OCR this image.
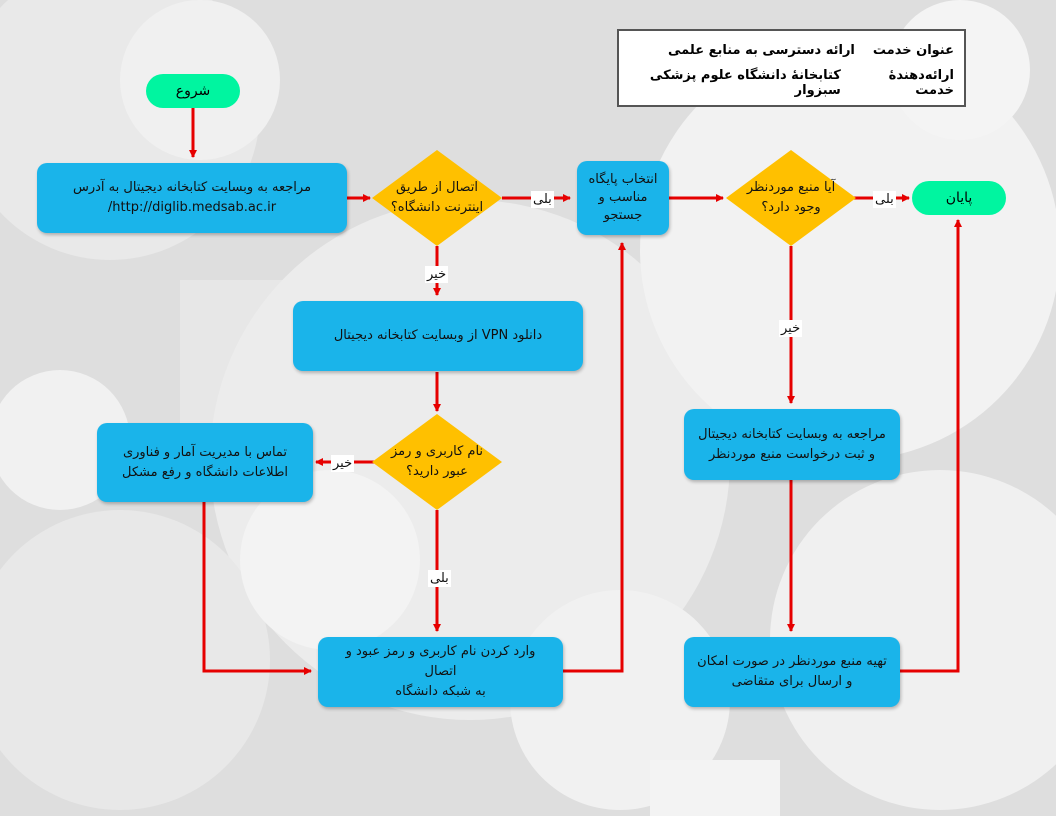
عنوان خدمت
ارائه دسترسی به منابع علمی
ارائه‌دهندهٔ خدمت
کتابخانهٔ دانشگاه علوم پزشکی سبزوار
شروع
پایان
مراجعه به وبسایت کتابخانه دیجیتال به آدرس
http://diglib.medsab.ac.ir/
انتخاب پایگاه
مناسب و
جستجو
دانلود VPN از وبسایت کتابخانه دیجیتال
تماس با مدیریت آمار و فناوری
اطلاعات دانشگاه و رفع مشکل
وارد کردن نام کاربری و رمز عبود و اتصال
به شبکه دانشگاه
مراجعه به وبسایت کتابخانه دیجیتال
و ثبت درخواست منبع موردنظر
تهیه منبع موردنظر در صورت امکان
و ارسال برای متقاضی
اتصال از طریق
اینترنت دانشگاه؟
آیا منبع موردنظر
وجود دارد؟
نام کاربری و رمز
عبور دارید؟
بلی
خیر
بلی
خیر
خیر
بلی
